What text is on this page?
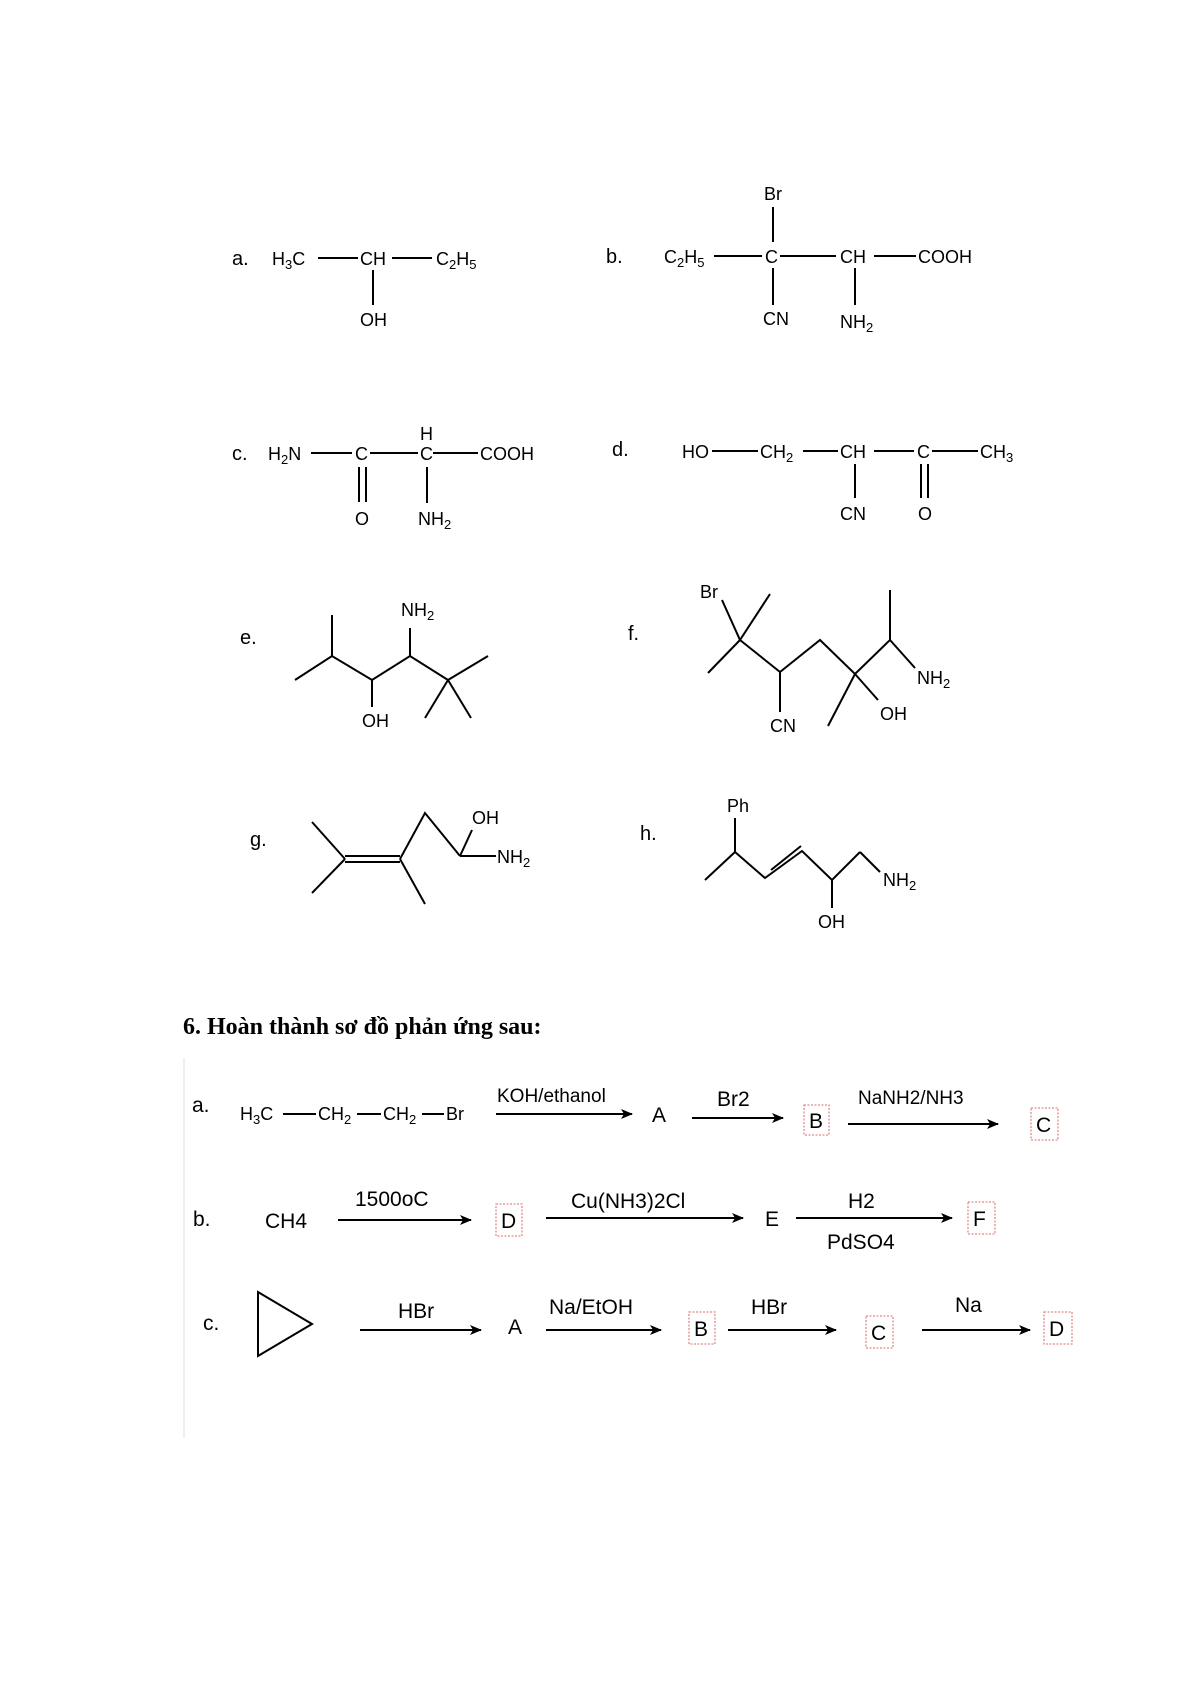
a. $H_3C$	CH	$C_2H_5$
OH
b. $C_2H_5$	C
Br
CH	COOH
CN	$NH_2$
c. $H_2N$	C
O
H
C	COOH
$NH_2$
d.	HO	$CH_2$	CH	C	$CH_3$
CN	O
e.
$NH_2$
OH
f.
Br
CN
OH
$NH_2$
g.
OH
$NH_2$
h.
Ph
OH
$NH_2$
a. $H_3C$ $CH_2$ $CH_2$ Br
KOH/ethanol
A
Br2
B
NaNH2/NH3
C
b.	CH4
1500oC
D
Cu(NH3)2Cl
E
H2
PdSO4
F
c.
HBr
A
Na/EtOH
B
HBr
C
Na
D
6. Hoàn thành sơ đồ phản ứng sau:
